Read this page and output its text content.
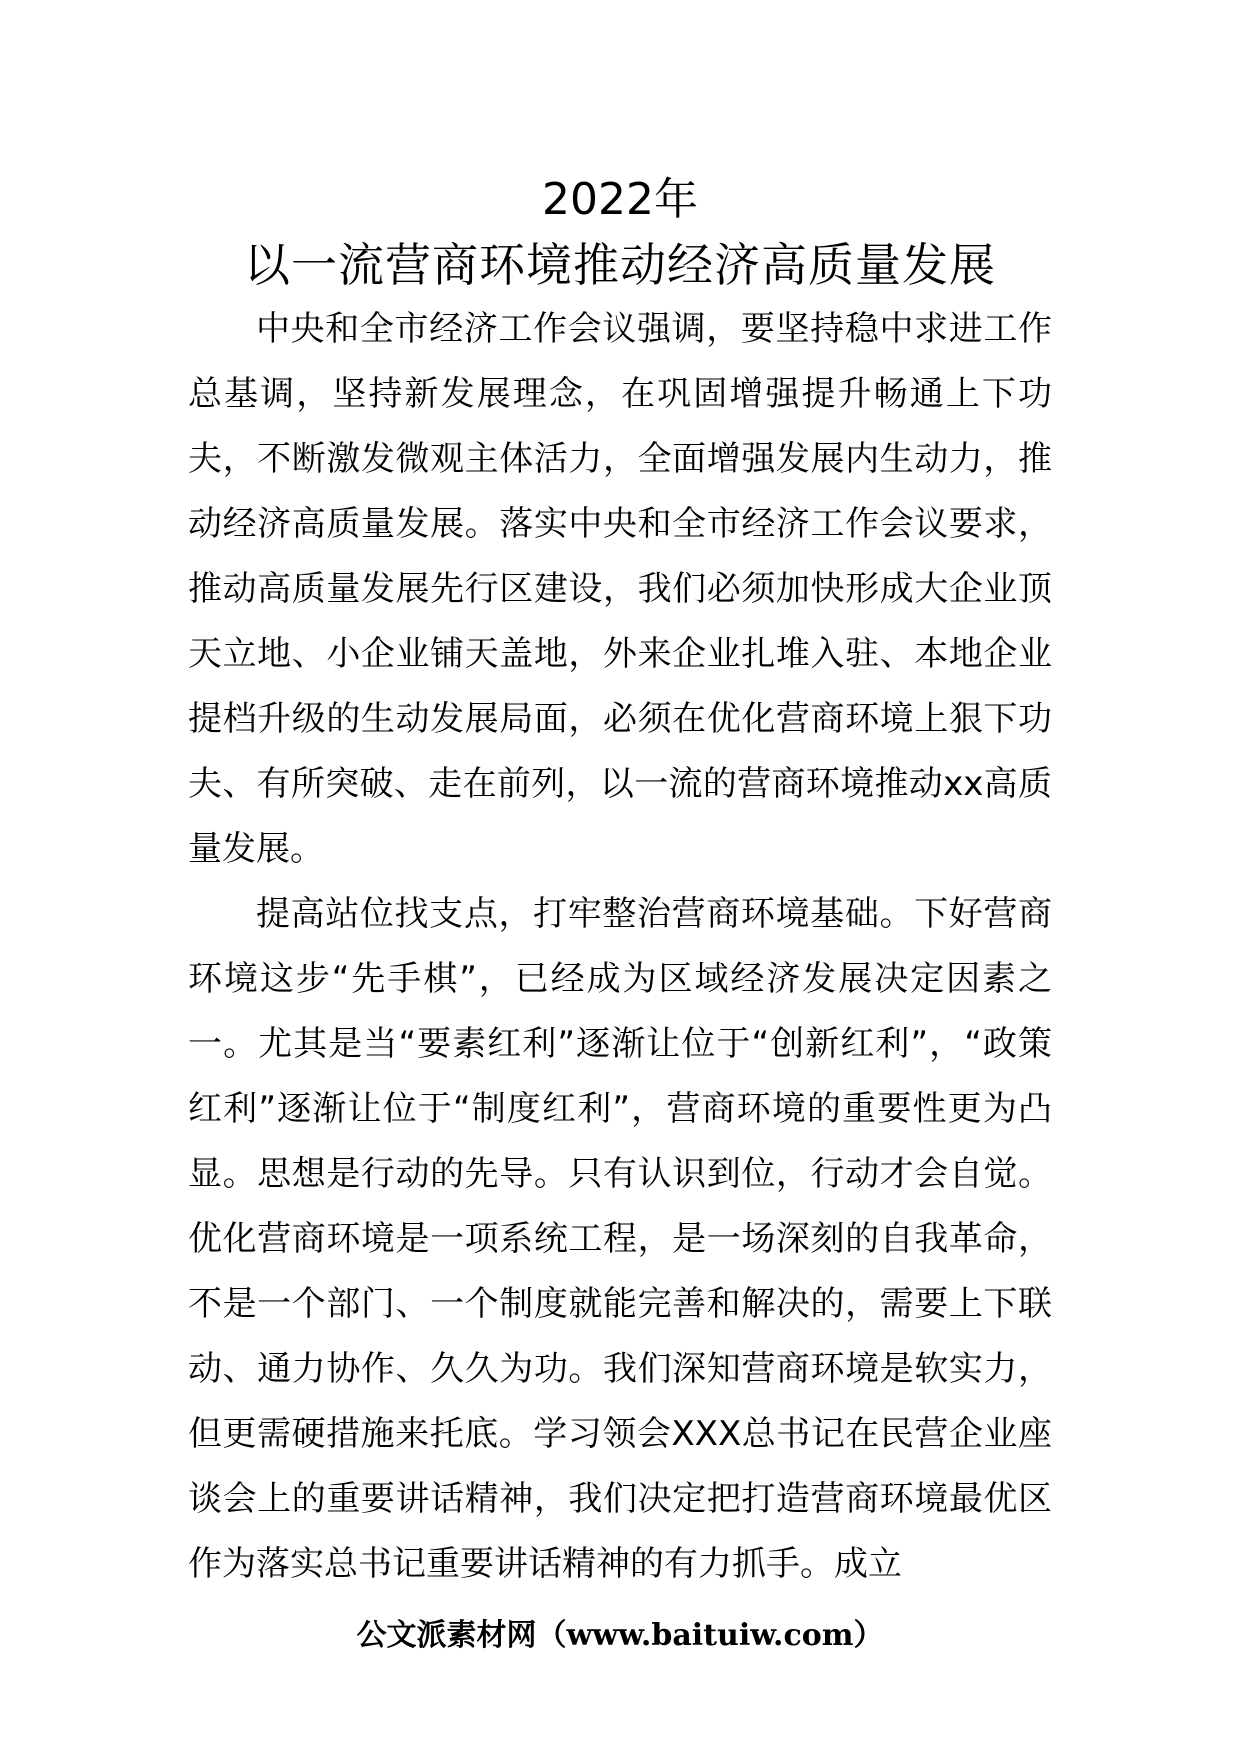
2022年
以一流营商环境推动经济高质量发展

中央和全市经济工作会议强调，要坚持稳中求进工作总基调，坚持新发展理念，在巩固增强提升畅通上下功夫，不断激发微观主体活力，全面增强发展内生动力，推动经济高质量发展。落实中央和全市经济工作会议要求，推动高质量发展先行区建设，我们必须加快形成大企业顶天立地、小企业铺天盖地，外来企业扎堆入驻、本地企业提档升级的生动发展局面，必须在优化营商环境上狠下功夫、有所突破、走在前列，以一流的营商环境推动xx高质量发展。

提高站位找支点，打牢整治营商环境基础。下好营商环境这步“先手棋”，已经成为区域经济发展决定因素之一。尤其是当“要素红利”逐渐让位于“创新红利”，“政策红利”逐渐让位于“制度红利”，营商环境的重要性更为凸显。思想是行动的先导。只有认识到位，行动才会自觉。优化营商环境是一项系统工程，是一场深刻的自我革命，不是一个部门、一个制度就能完善和解决的，需要上下联动、通力协作、久久为功。我们深知营商环境是软实力，但更需硬措施来托底。学习领会XXX总书记在民营企业座谈会上的重要讲话精神，我们决定把打造营商环境最优区作为落实总书记重要讲话精神的有力抓手。成立

公文派素材网（www.baituiw.com）
